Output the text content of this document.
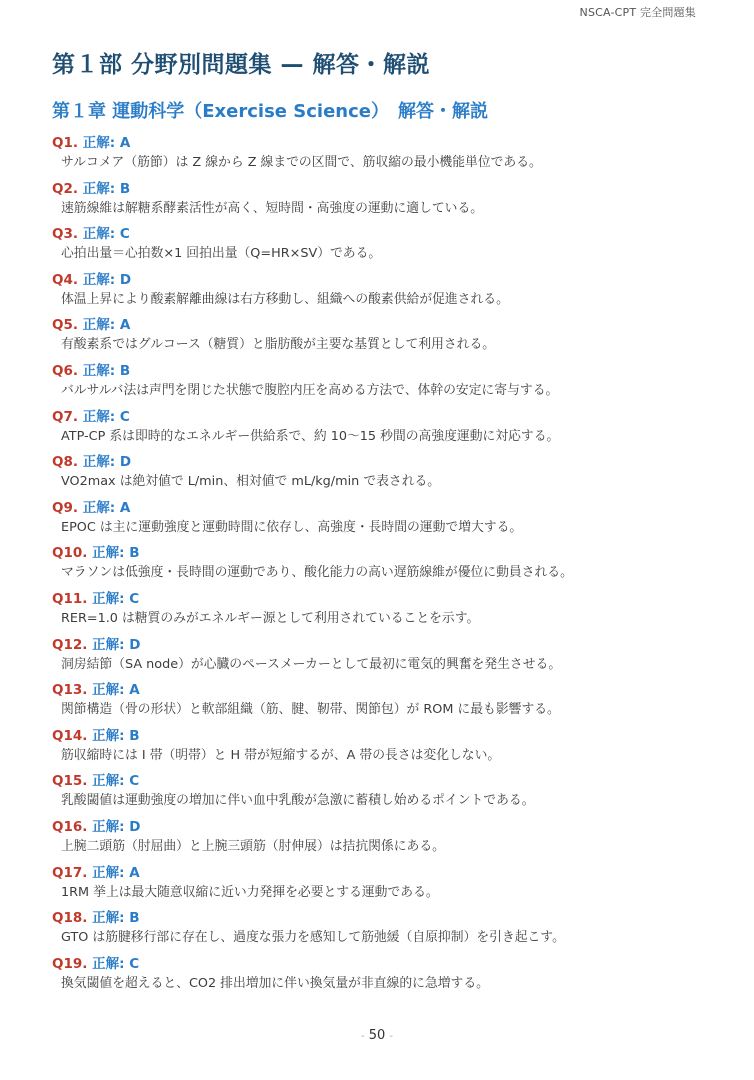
NSCA-CPT 完全問題集
第１部 分野別問題集 — 解答・解説
第１章 運動科学（Exercise Science）　解答・解説
Q1. 正解: A
サルコメア（筋節）は Z 線から Z 線までの区間で、筋収縮の最小機能単位である。
Q2. 正解: B
速筋線維は解糖系酵素活性が高く、短時間・高強度の運動に適している。
Q3. 正解: C
心拍出量＝心拍数×1 回拍出量（Q=HR×SV）である。
Q4. 正解: D
体温上昇により酸素解離曲線は右方移動し、組織への酸素供給が促進される。
Q5. 正解: A
有酸素系ではグルコース（糖質）と脂肪酸が主要な基質として利用される。
Q6. 正解: B
バルサルバ法は声門を閉じた状態で腹腔内圧を高める方法で、体幹の安定に寄与する。
Q7. 正解: C
ATP-CP 系は即時的なエネルギー供給系で、約 10～15 秒間の高強度運動に対応する。
Q8. 正解: D
VO2max は絶対値で L/min、相対値で mL/kg/min で表される。
Q9. 正解: A
EPOC は主に運動強度と運動時間に依存し、高強度・長時間の運動で増大する。
Q10. 正解: B
マラソンは低強度・長時間の運動であり、酸化能力の高い遅筋線維が優位に動員される。
Q11. 正解: C
RER=1.0 は糖質のみがエネルギー源として利用されていることを示す。
Q12. 正解: D
洞房結節（SA node）が心臓のペースメーカーとして最初に電気的興奮を発生させる。
Q13. 正解: A
関節構造（骨の形状）と軟部組織（筋、腱、靭帯、関節包）が ROM に最も影響する。
Q14. 正解: B
筋収縮時には I 帯（明帯）と H 帯が短縮するが、A 帯の長さは変化しない。
Q15. 正解: C
乳酸閾値は運動強度の増加に伴い血中乳酸が急激に蓄積し始めるポイントである。
Q16. 正解: D
上腕二頭筋（肘屈曲）と上腕三頭筋（肘伸展）は拮抗関係にある。
Q17. 正解: A
1RM 挙上は最大随意収縮に近い力発揮を必要とする運動である。
Q18. 正解: B
GTO は筋腱移行部に存在し、過度な張力を感知して筋弛緩（自原抑制）を引き起こす。
Q19. 正解: C
換気閾値を超えると、CO2 排出増加に伴い換気量が非直線的に急増する。
- 50 -
